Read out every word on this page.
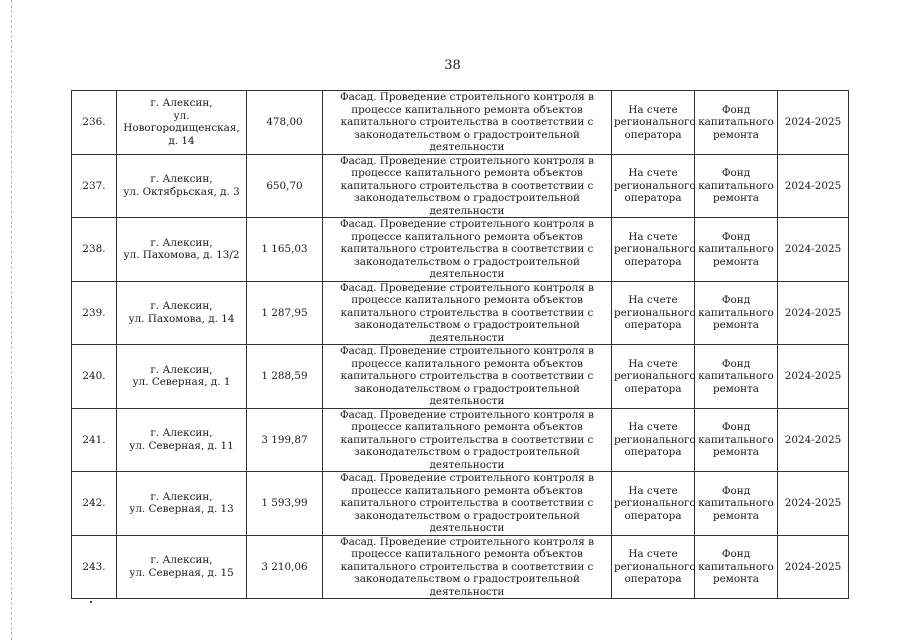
38
236.	г. Алексин,
ул. Новогородищенская,
д. 14	478,00	Фасад. Проведение строительного контроля в процессе капитального ремонта объектов капитального строительства в соответствии с законодательством о градостроительной деятельности	На счете регионального оператора	Фонд капитального ремонта	2024-2025
237.	г. Алексин,
ул. Октябрьская, д. 3	650,70	Фасад. Проведение строительного контроля в процессе капитального ремонта объектов капитального строительства в соответствии с законодательством о градостроительной деятельности	На счете регионального оператора	Фонд капитального ремонта	2024-2025
238.	г. Алексин,
ул. Пахомова, д. 13/2	1 165,03	Фасад. Проведение строительного контроля в процессе капитального ремонта объектов капитального строительства в соответствии с законодательством о градостроительной деятельности	На счете регионального оператора	Фонд капитального ремонта	2024-2025
239.	г. Алексин,
ул. Пахомова, д. 14	1 287,95	Фасад. Проведение строительного контроля в процессе капитального ремонта объектов капитального строительства в соответствии с законодательством о градостроительной деятельности	На счете регионального оператора	Фонд капитального ремонта	2024-2025
240.	г. Алексин,
ул. Северная, д. 1	1 288,59	Фасад. Проведение строительного контроля в процессе капитального ремонта объектов капитального строительства в соответствии с законодательством о градостроительной деятельности	На счете регионального оператора	Фонд капитального ремонта	2024-2025
241.	г. Алексин,
ул. Северная, д. 11	3 199,87	Фасад. Проведение строительного контроля в процессе капитального ремонта объектов капитального строительства в соответствии с законодательством о градостроительной деятельности	На счете регионального оператора	Фонд капитального ремонта	2024-2025
242.	г. Алексин,
ул. Северная, д. 13	1 593,99	Фасад. Проведение строительного контроля в процессе капитального ремонта объектов капитального строительства в соответствии с законодательством о градостроительной деятельности	На счете регионального оператора	Фонд капитального ремонта	2024-2025
243.	г. Алексин,
ул. Северная, д. 15	3 210,06	Фасад. Проведение строительного контроля в процессе капитального ремонта объектов капитального строительства в соответствии с законодательством о градостроительной деятельности	На счете регионального оператора	Фонд капитального ремонта	2024-2025
